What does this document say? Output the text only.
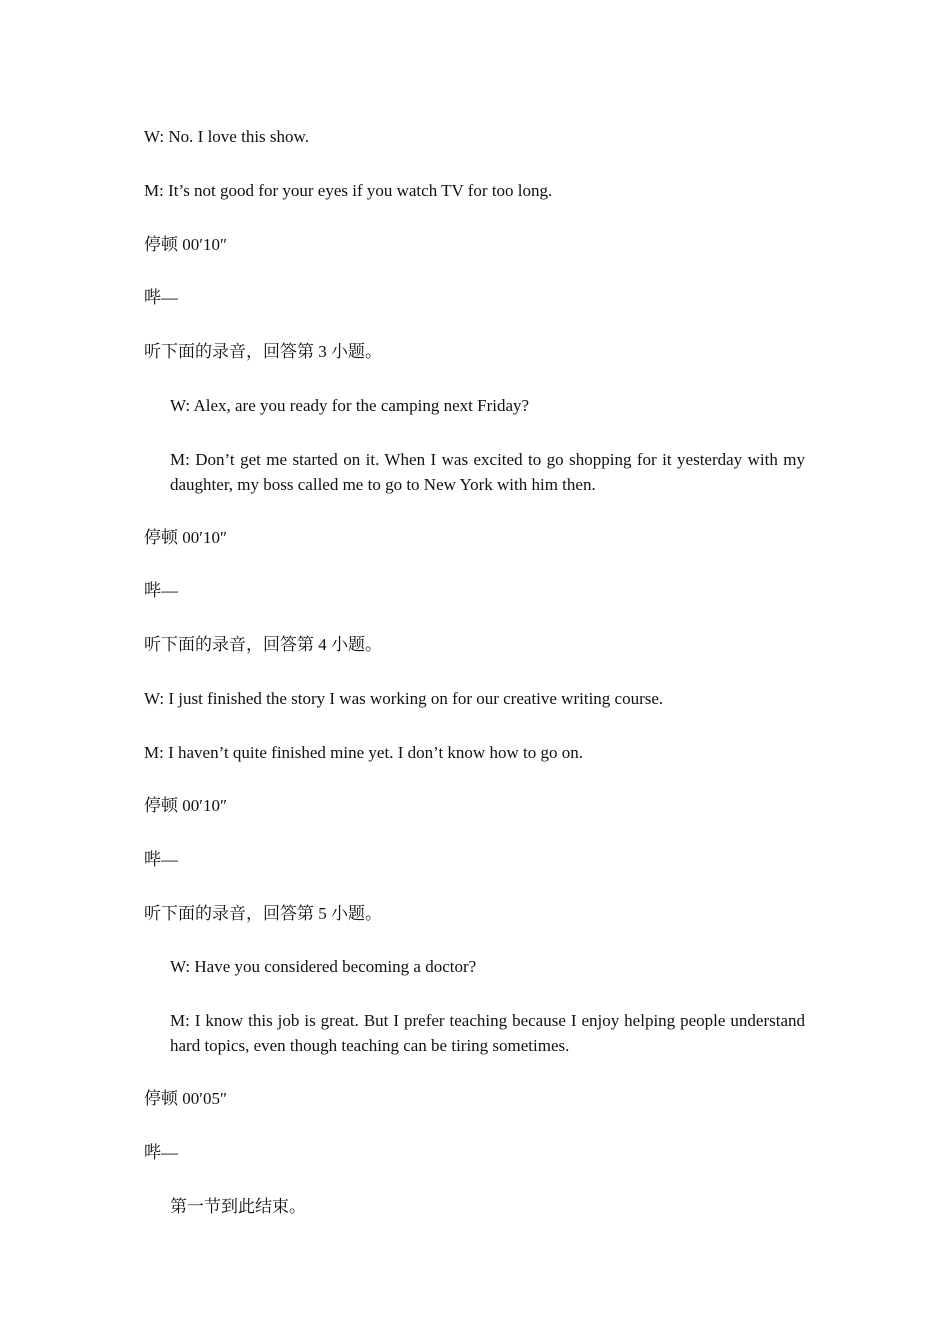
W: No. I love this show.
M: It’s not good for your eyes if you watch TV for too long.
停顿 00′10″
哔—
听下面的录音，回答第 3 小题。
W: Alex, are you ready for the camping next Friday?
M: Don’t get me started on it. When I was excited to go shopping for it yesterday with my daughter, my boss called me to go to New York with him then.
停顿 00′10″
哔—
听下面的录音，回答第 4 小题。
W: I just finished the story I was working on for our creative writing course.
M: I haven’t quite finished mine yet. I don’t know how to go on.
停顿 00′10″
哔—
听下面的录音，回答第 5 小题。
W: Have you considered becoming a doctor?
M: I know this job is great. But I prefer teaching because I enjoy helping people understand hard topics, even though teaching can be tiring sometimes.
停顿 00′05″
哔—
第一节到此结束。
